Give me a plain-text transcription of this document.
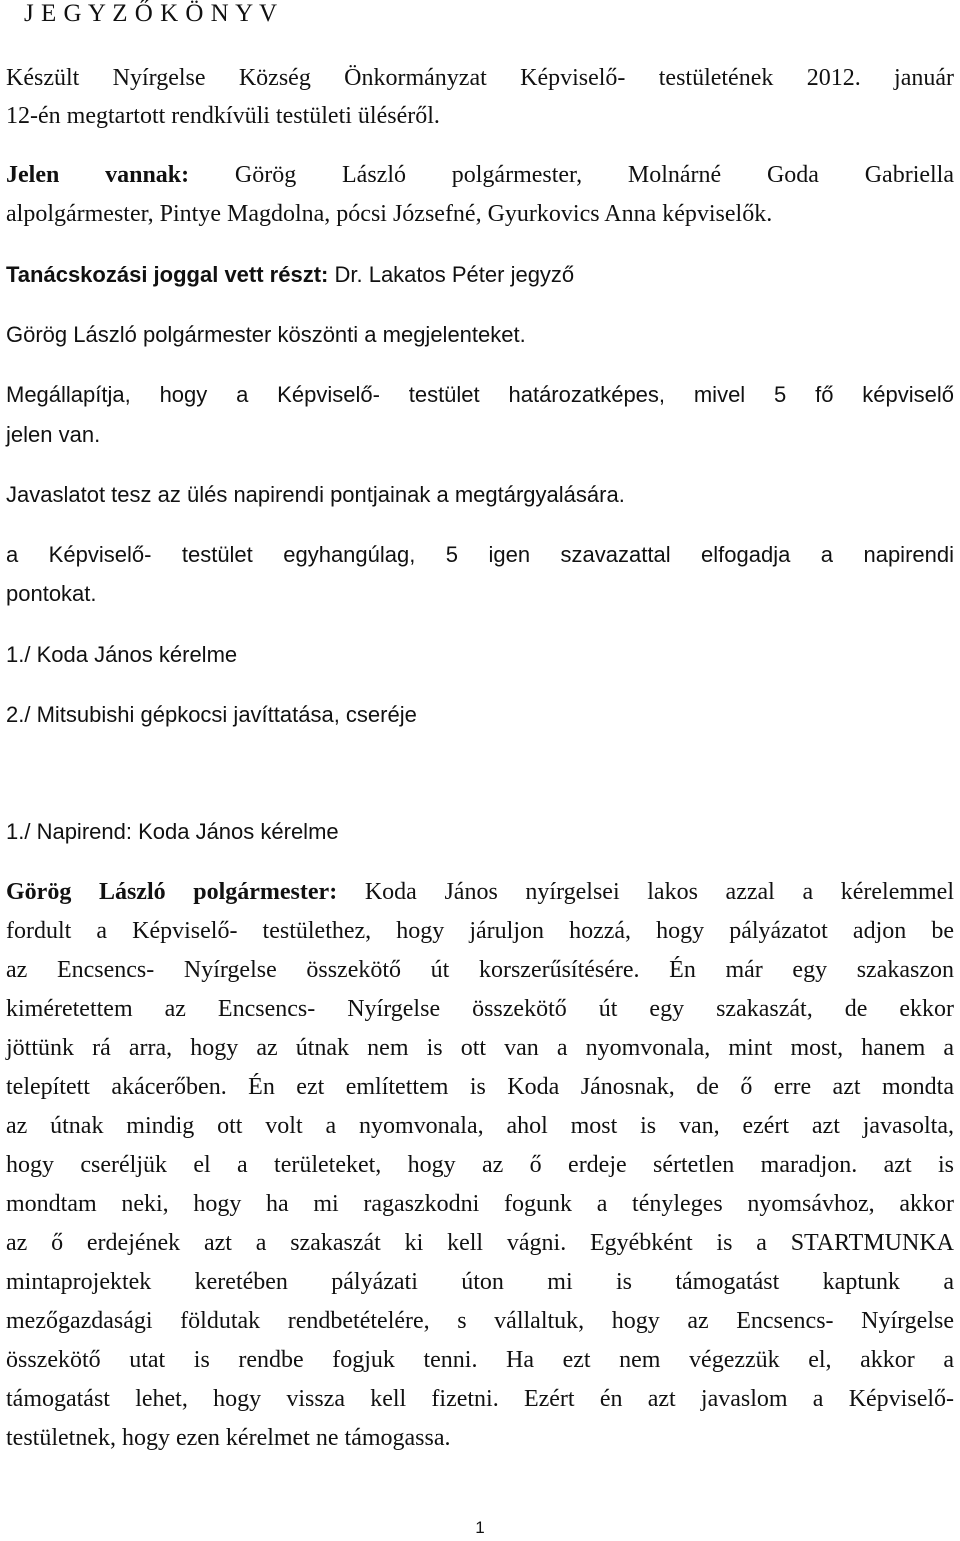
J E G Y Z Ő K Ö N Y V
Készült Nyírgelse Község Önkormányzat Képviselő- testületének 2012. január
12-én megtartott rendkívüli testületi üléséről.
Jelen vannak: Görög László polgármester, Molnárné Goda Gabriella
alpolgármester, Pintye Magdolna, pócsi Józsefné, Gyurkovics Anna képviselők.
Tanácskozási joggal vett részt: Dr. Lakatos Péter jegyző
Görög László polgármester köszönti a megjelenteket.
Megállapítja, hogy a Képviselő- testület határozatképes, mivel 5 fő képviselő
jelen van.
Javaslatot tesz az ülés napirendi pontjainak a megtárgyalására.
a Képviselő- testület egyhangúlag, 5 igen szavazattal elfogadja a napirendi
pontokat.
1./ Koda János kérelme
2./ Mitsubishi gépkocsi javíttatása, cseréje
1./ Napirend: Koda János kérelme
Görög László polgármester: Koda János nyírgelsei lakos azzal a kérelemmel
fordult a Képviselő- testülethez, hogy járuljon hozzá, hogy pályázatot adjon be
az Encsencs- Nyírgelse összekötő út korszerűsítésére. Én már egy szakaszon
kiméretettem az Encsencs- Nyírgelse összekötő út egy szakaszát, de ekkor
jöttünk rá arra, hogy az útnak nem is ott van a nyomvonala, mint most, hanem a
telepített akácerőben. Én ezt említettem is Koda Jánosnak, de ő erre azt mondta
az útnak mindig ott volt a nyomvonala, ahol most is van, ezért azt javasolta,
hogy cseréljük el a területeket, hogy az ő erdeje sértetlen maradjon. azt is
mondtam neki, hogy ha mi ragaszkodni fogunk a tényleges nyomsávhoz, akkor
az ő erdejének azt a szakaszát ki kell vágni. Egyébként is a STARTMUNKA
mintaprojektek keretében pályázati úton mi is támogatást kaptunk a
mezőgazdasági földutak rendbetételére, s vállaltuk, hogy az Encsencs- Nyírgelse
összekötő utat is rendbe fogjuk tenni. Ha ezt nem végezzük el, akkor a
támogatást lehet, hogy vissza kell fizetni. Ezért én azt javaslom a Képviselő-
testületnek, hogy ezen kérelmet ne támogassa.
1
